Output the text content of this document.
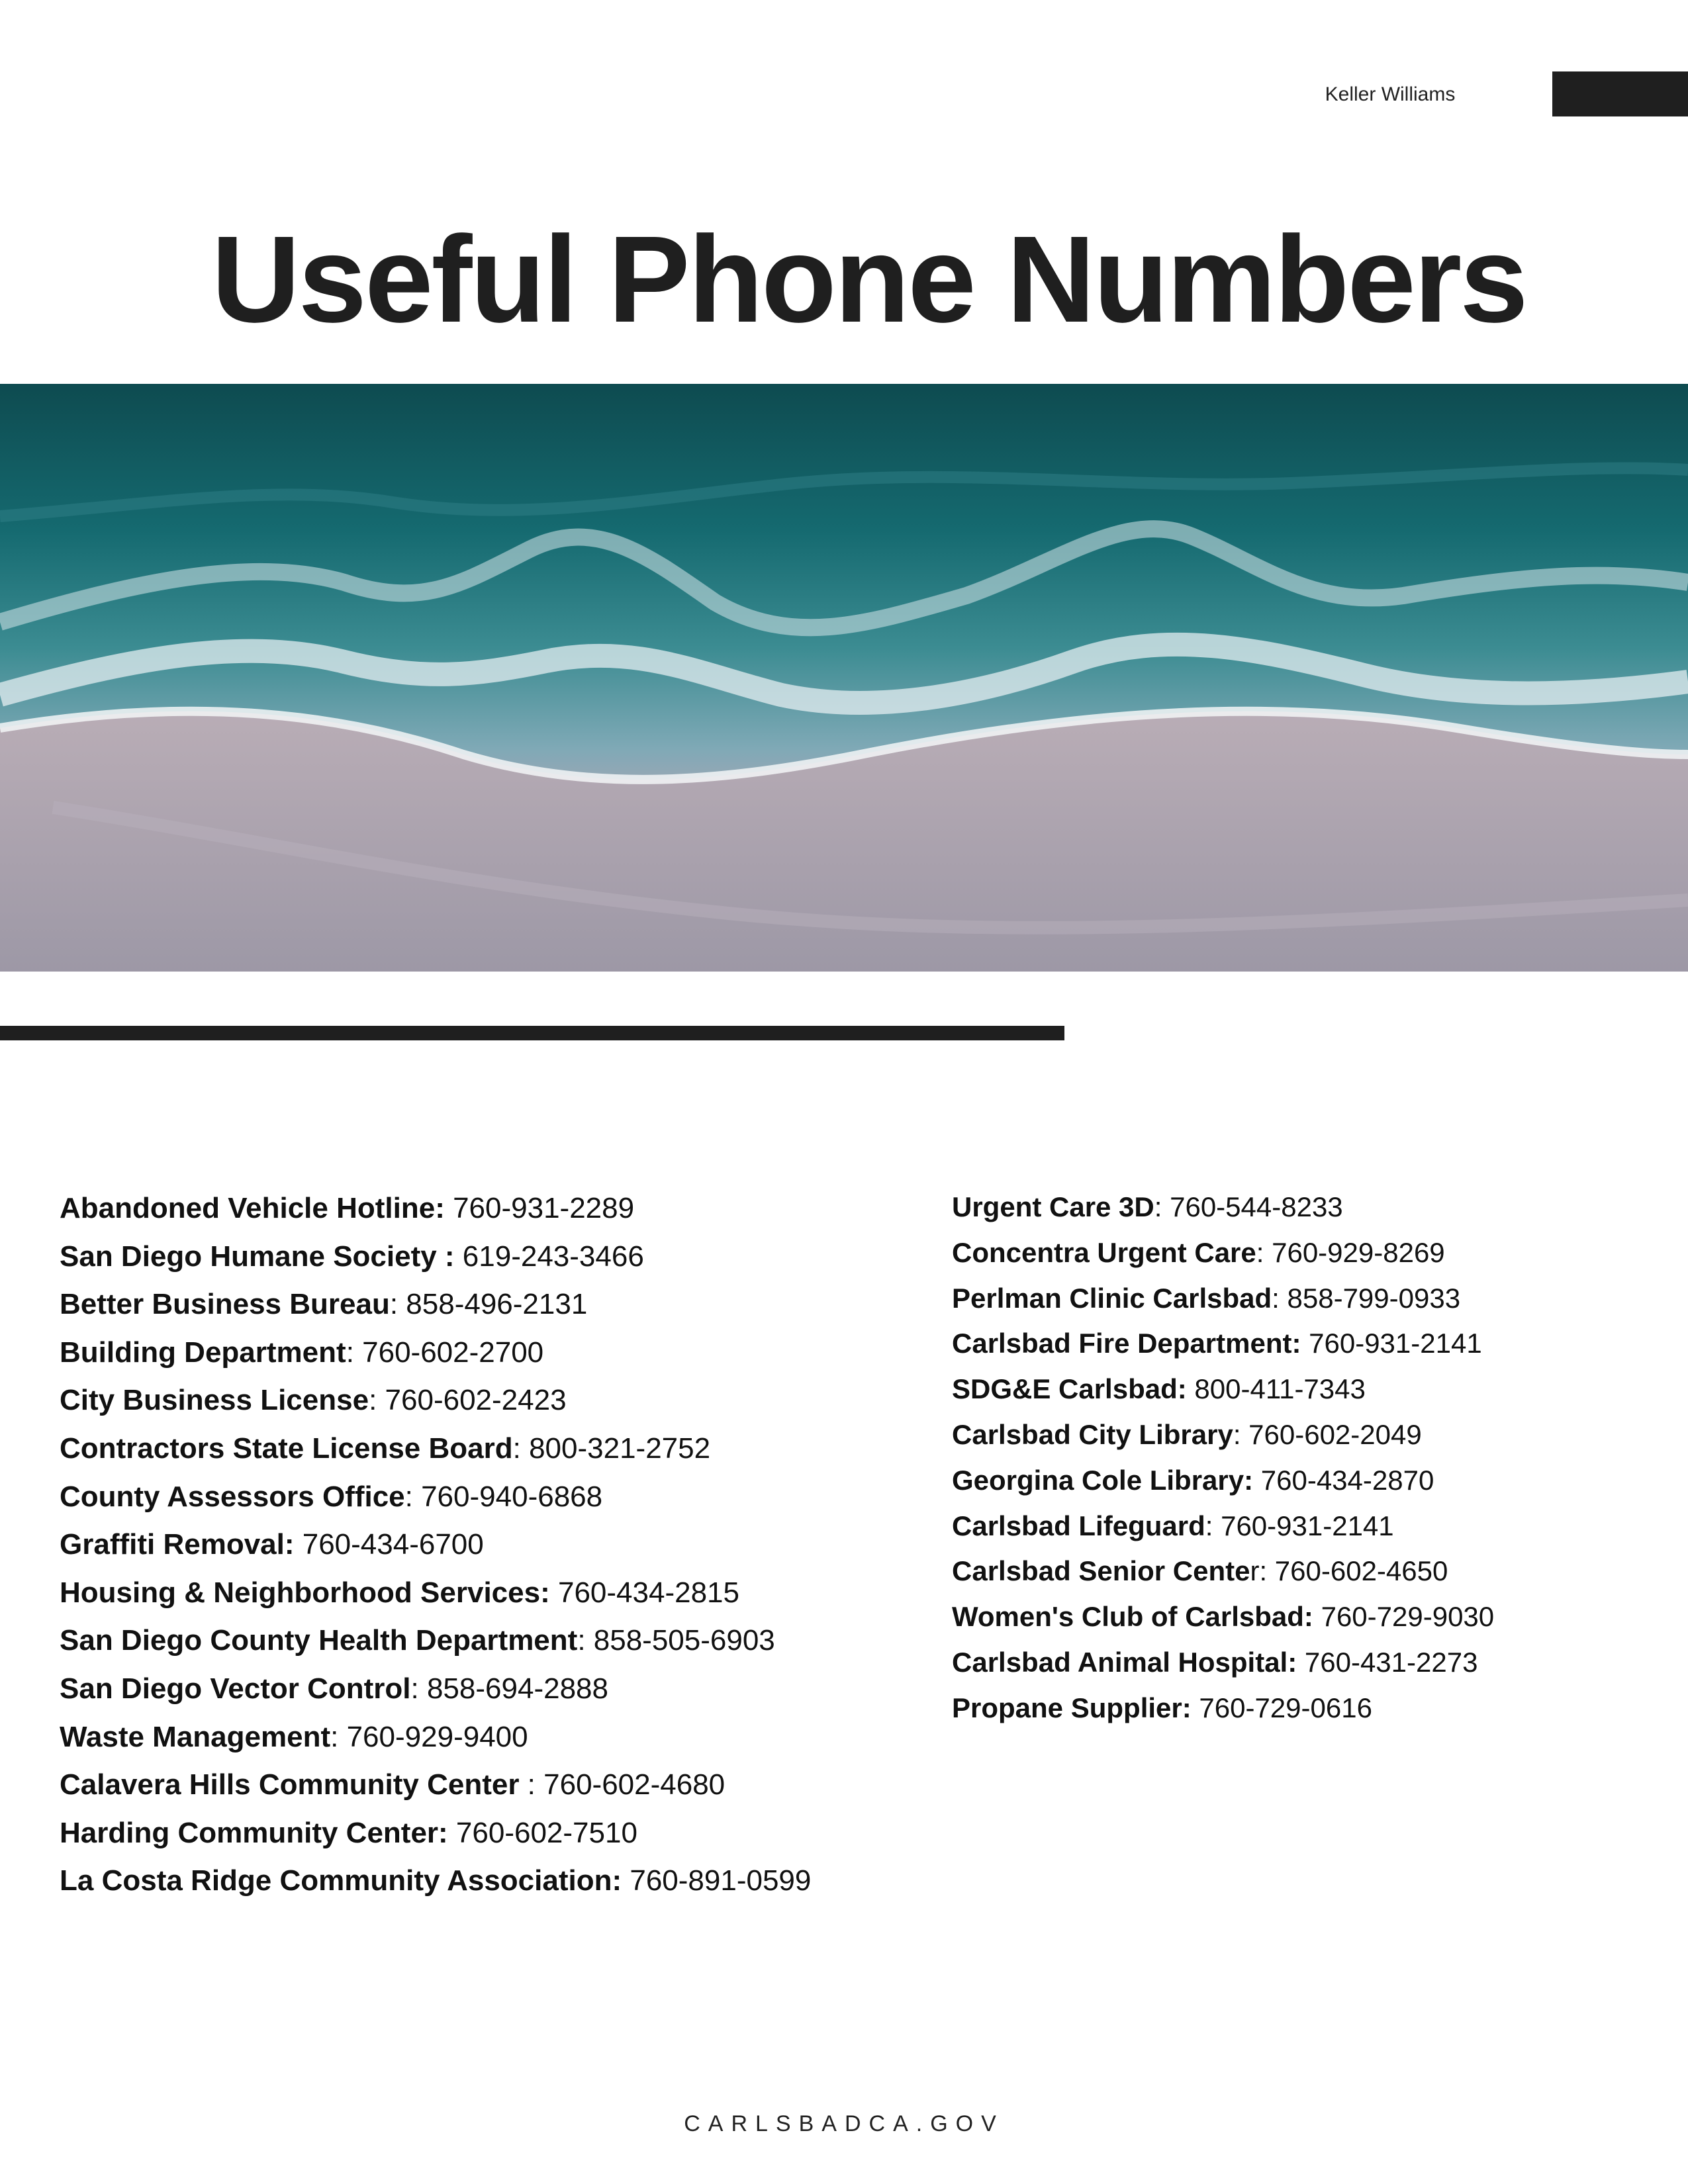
Keller Williams
Useful Phone Numbers
Abandoned Vehicle Hotline: 760-931-2289
San Diego Humane Society : 619-243-3466
Better Business Bureau: 858-496-2131
Building Department: 760-602-2700
City Business License: 760-602-2423
Contractors State License Board: 800-321-2752
County Assessors Office: 760-940-6868
Graffiti Removal: 760-434-6700
Housing & Neighborhood Services: 760-434-2815
San Diego County Health Department: 858-505-6903
San Diego Vector Control: 858-694-2888
Waste Management: 760-929-9400
Calavera Hills Community Center : 760-602-4680
Harding Community Center: 760-602-7510
La Costa Ridge Community Association: 760-891-0599
Urgent Care 3D: 760-544-8233
Concentra Urgent Care: 760-929-8269
Perlman Clinic Carlsbad: 858-799-0933
Carlsbad Fire Department: 760-931-2141
SDG&E Carlsbad: 800-411-7343
Carlsbad City Library: 760-602-2049
Georgina Cole Library: 760-434-2870
Carlsbad Lifeguard: 760-931-2141
Carlsbad Senior Center: 760-602-4650
Women's Club of Carlsbad: 760-729-9030
Carlsbad Animal Hospital: 760-431-2273
Propane Supplier: 760-729-0616
CARLSBADCA.GOV
